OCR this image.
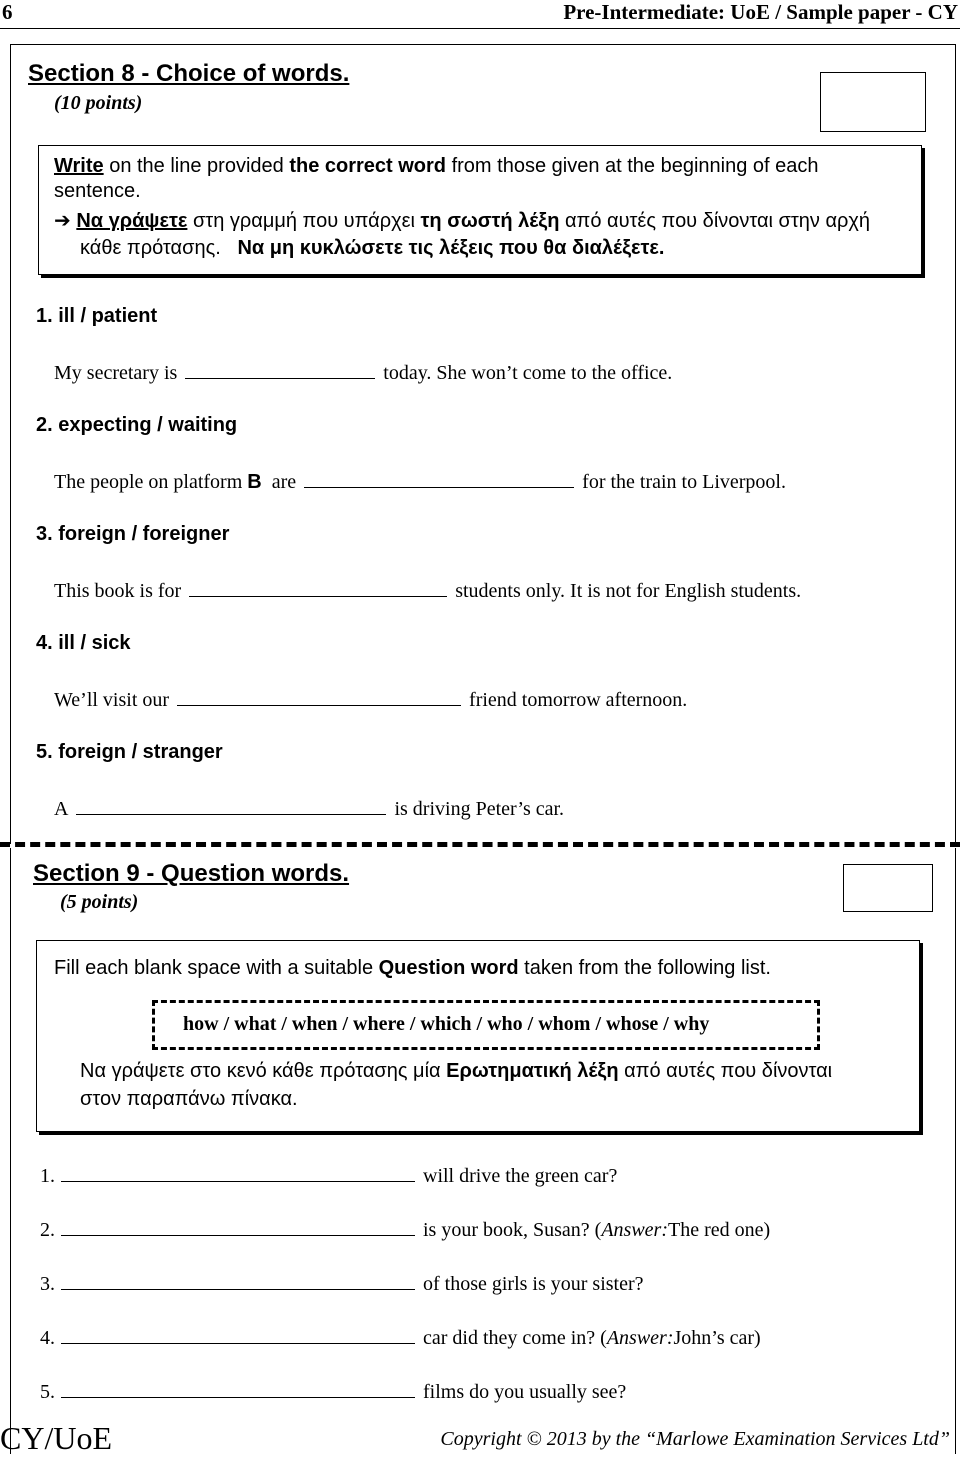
6	Pre-Intermediate: UoE / Sample paper - CY
Section 8 - Choice of words.
(10 points)
Write on the line provided the correct word from those given at the beginning of each
sentence.
➔ Να γράψετε στη γραμμή που υπάρχει τη σωστή λέξη από αυτές που δίνονται στην αρχή
κάθε πρότασης. Να μη κυκλώσετε τις λέξεις που θα διαλέξετε.
1. ill / patient
My secretary is	today. She won’t come to the office.
2. expecting / waiting
The people on platform
B
are	for the train to Liverpool.
3. foreign / foreigner
This book is for	students only. It is not for English students.
4. ill / sick
We’ll visit our	friend tomorrow afternoon.
5. foreign / stranger
A	is driving Peter’s car.
Section 9 - Question words.
(5 points)
Fill each blank space with a suitable Question word taken from the following list.
how / what / when / where / which / who / whom / whose / why
Να γράψετε στο κενό κάθε πρότασης μία Ερωτηματική λέξη από αυτές που δίνονται
στον παραπάνω πίνακα.
1.	will drive the green car?
2.	is your book, Susan? ( Answer: The red one)
3.	of those girls is your sister?
4.	car did they come in? ( Answer: John’s car)
5.	films do you usually see?
CY/UoE	Copyright © 2013 by the “Marlowe Examination Services Ltd”
